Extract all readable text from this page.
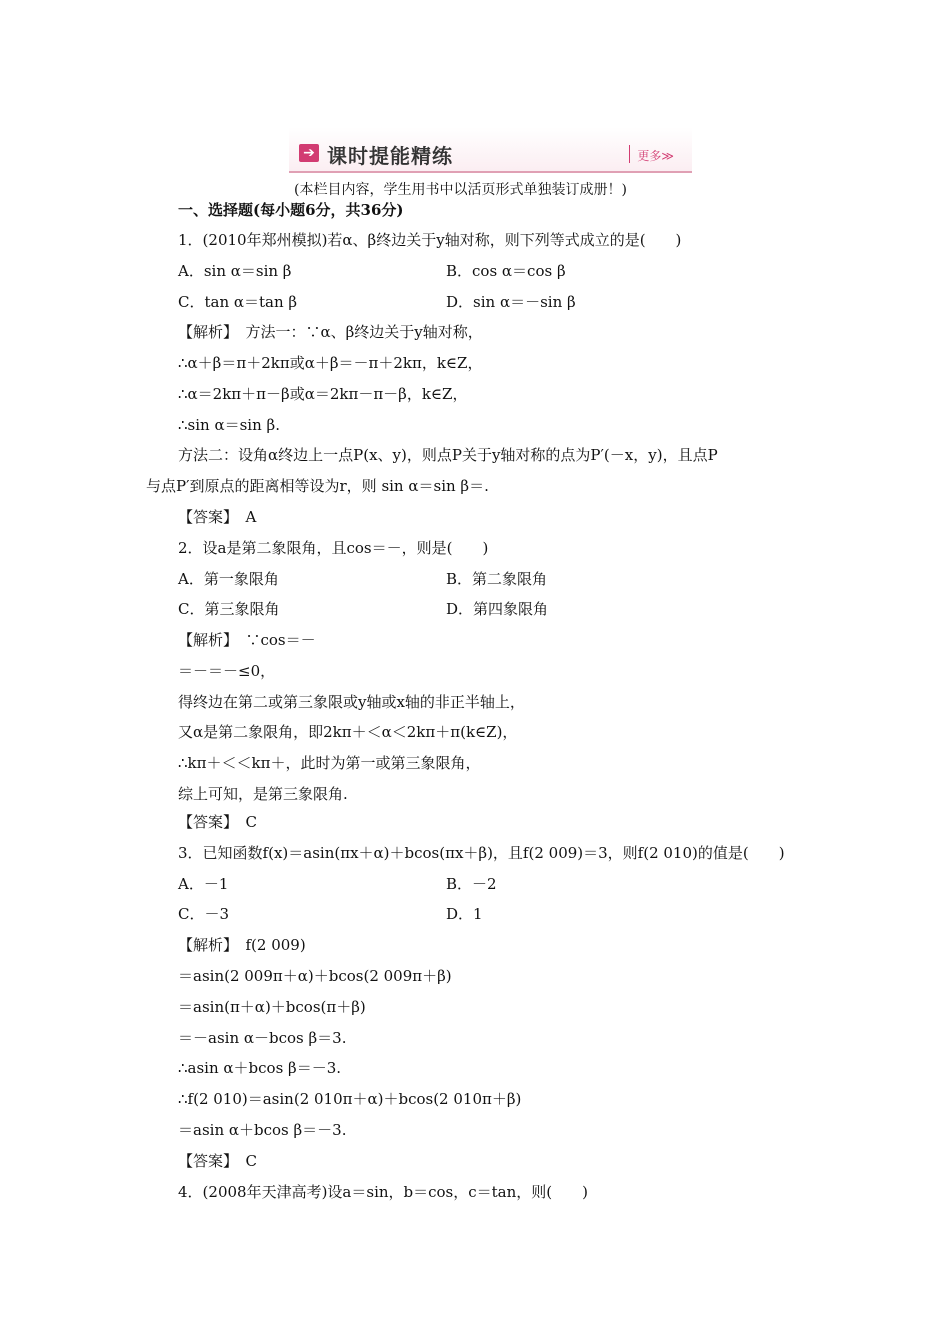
➔ 课时提能精练	更多≫
(本栏目内容，学生用书中以活页形式单独装订成册！)
一、选择题(每小题6分，共36分)
1．(2010年郑州模拟)若α、β终边关于y轴对称，则下列等式成立的是(　　)
A．sin α＝sin β	B．cos α＝cos β
C．tan α＝tan β	D．sin α＝－sin β
【解析】　方法一：∵α、β终边关于y轴对称，
∴α＋β＝π＋2kπ或α＋β＝－π＋2kπ，k∈Z，
∴α＝2kπ＋π－β或α＝2kπ－π－β，k∈Z，
∴sin α＝sin β.
方法二：设角α终边上一点P(x、y)，则点P关于y轴对称的点为P′(－x，y)，且点P
与点P′到原点的距离相等设为r，则 sin α＝sin β＝.
【答案】　A
2．设a是第二象限角，且cos＝－，则是(　　)
A．第一象限角	B．第二象限角
C．第三象限角	D．第四象限角
【解析】　∵cos＝－
＝－＝－≤0，
得终边在第二或第三象限或y轴或x轴的非正半轴上，
又α是第二象限角，即2kπ＋＜α＜2kπ＋π(k∈Z)，
∴kπ＋＜＜kπ＋，此时为第一或第三象限角，
综上可知，是第三象限角.
【答案】　C
3．已知函数f(x)＝asin(πx＋α)＋bcos(πx＋β)，且f(2 009)＝3，则f(2 010)的值是(　　)
A．－1	B．－2
C．－3	D．1
【解析】　f(2 009)
＝asin(2 009π＋α)＋bcos(2 009π＋β)
＝asin(π＋α)＋bcos(π＋β)
＝－asin α－bcos β＝3.
∴asin α＋bcos β＝－3.
∴f(2 010)＝asin(2 010π＋α)＋bcos(2 010π＋β)
＝asin α＋bcos β＝－3.
【答案】　C
4．(2008年天津高考)设a＝sin，b＝cos，c＝tan，则(　　)
